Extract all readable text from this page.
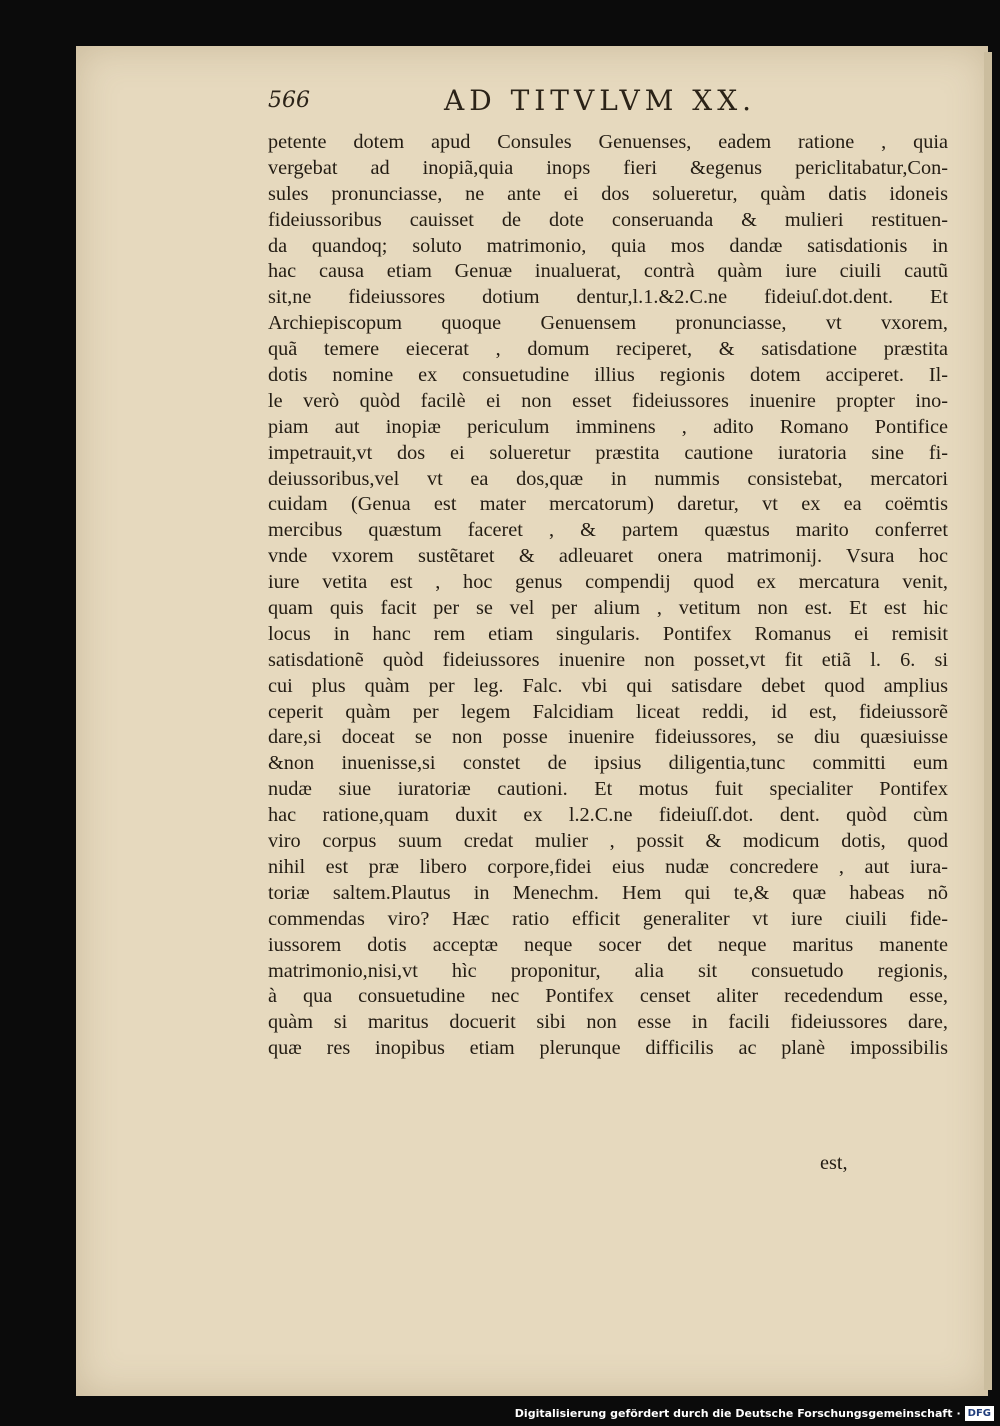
566	AD TITVLVM XX.
petente dotem apud Consules Genuenses, eadem ratione , quia
vergebat ad inopiã,quia inops fieri &egenus periclitabatur,Con-
sules pronunciasse, ne ante ei dos solueretur, quàm datis idoneis
fideiussoribus cauisset de dote conseruanda & mulieri restituen-
da quandoq; soluto matrimonio, quia mos dandæ satisdationis in
hac causa etiam Genuæ inualuerat, contrà quàm iure ciuili cautũ
sit,ne fideiussores dotium dentur,l.1.&2.C.ne fideiuſ.dot.dent. Et
Archiepiscopum quoque Genuensem pronunciasse, vt vxorem,
quã temere eiecerat , domum reciperet, & satisdatione præstita
dotis nomine ex consuetudine illius regionis dotem acciperet. Il-
le verò quòd facilè ei non esset fideiussores inuenire propter ino-
piam aut inopiæ periculum imminens , adito Romano Pontifice
impetrauit,vt dos ei solueretur præstita cautione iuratoria sine fi-
deiussoribus,vel vt ea dos,quæ in nummis consistebat, mercatori
cuidam (Genua est mater mercatorum) daretur, vt ex ea coëmtis
mercibus quæstum faceret , & partem quæstus marito conferret
vnde vxorem sustẽtaret & adleuaret onera matrimonij. Vsura hoc
iure vetita est , hoc genus compendij quod ex mercatura venit,
quam quis facit per se vel per alium , vetitum non est. Et est hic
locus in hanc rem etiam singularis. Pontifex Romanus ei remisit
satisdationẽ quòd fideiussores inuenire non posset,vt fit etiã l. 6. si
cui plus quàm per leg. Falc. vbi qui satisdare debet quod amplius
ceperit quàm per legem Falcidiam liceat reddi, id est, fideiussorẽ
dare,si doceat se non posse inuenire fideiussores, se diu quæsiuisse
&non inuenisse,si constet de ipsius diligentia,tunc committi eum
nudæ siue iuratoriæ cautioni. Et motus fuit specialiter Pontifex
hac ratione,quam duxit ex l.2.C.ne fideiuſſ.dot. dent. quòd cùm
viro corpus suum credat mulier , possit & modicum dotis, quod
nihil est præ libero corpore,fidei eius nudæ concredere , aut iura-
toriæ saltem.Plautus in Menechm. Hem qui te,& quæ habeas nõ
commendas viro? Hæc ratio efficit generaliter vt iure ciuili fide-
iussorem dotis acceptæ neque socer det neque maritus manente
matrimonio,nisi,vt hìc proponitur, alia sit consuetudo regionis,
à qua consuetudine nec Pontifex censet aliter recedendum esse,
quàm si maritus docuerit sibi non esse in facili fideiussores dare,
quæ res inopibus etiam plerunque difficilis ac planè impossibilis
est,
Digitalisierung gefördert durch die Deutsche Forschungsgemeinschaft · DFG
